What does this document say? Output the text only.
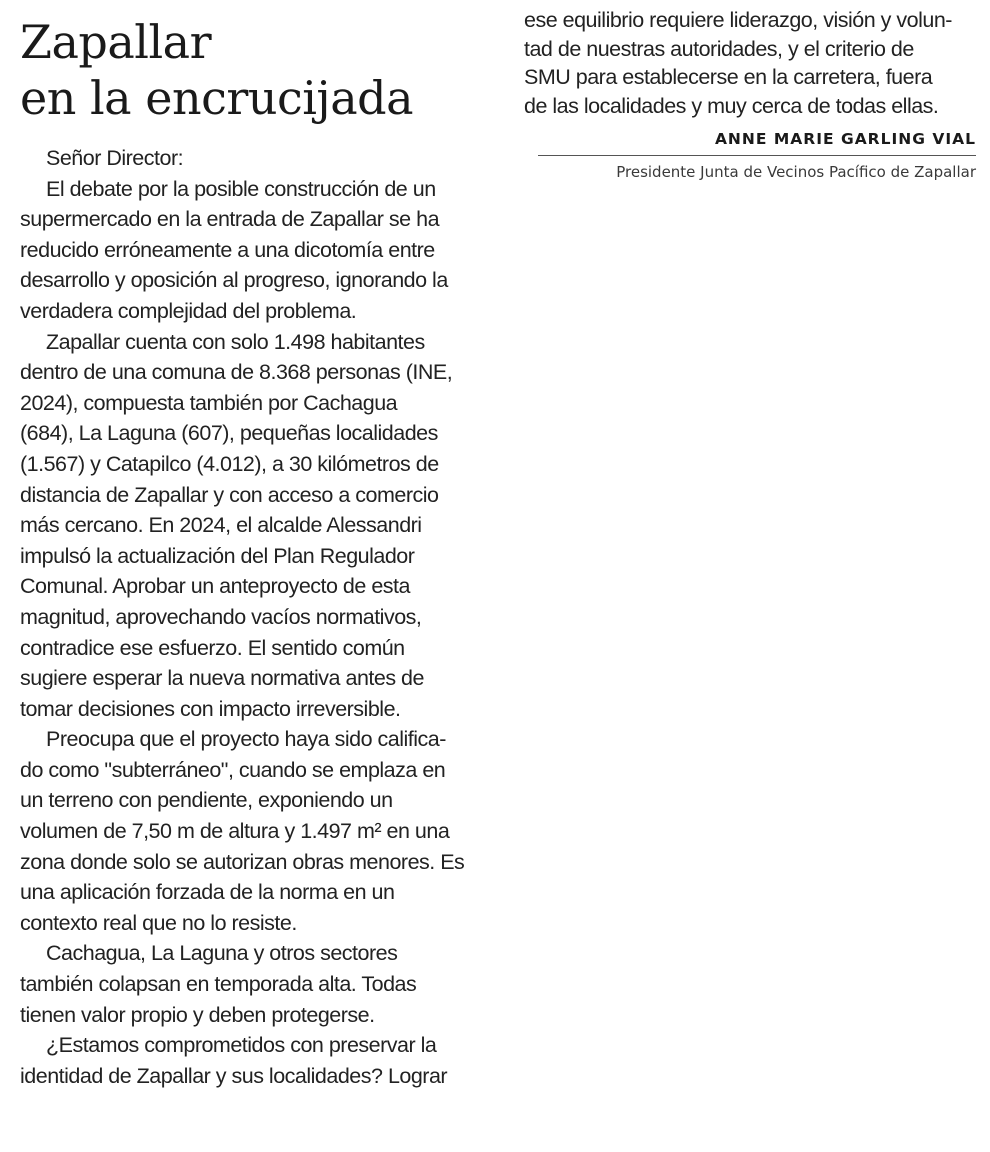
Zapallar
en la encrucijada
Señor Director:
El debate por la posible construcción de un
supermercado en la entrada de Zapallar se ha
reducido erróneamente a una dicotomía entre
desarrollo y oposición al progreso, ignorando la
verdadera complejidad del problema.
Zapallar cuenta con solo 1.498 habitantes
dentro de una comuna de 8.368 personas (INE,
2024), compuesta también por Cachagua
(684), La Laguna (607), pequeñas localidades
(1.567) y Catapilco (4.012), a 30 kilómetros de
distancia de Zapallar y con acceso a comercio
más cercano. En 2024, el alcalde Alessandri
impulsó la actualización del Plan Regulador
Comunal. Aprobar un anteproyecto de esta
magnitud, aprovechando vacíos normativos,
contradice ese esfuerzo. El sentido común
sugiere esperar la nueva normativa antes de
tomar decisiones con impacto irreversible.
Preocupa que el proyecto haya sido califica-
do como "subterráneo", cuando se emplaza en
un terreno con pendiente, exponiendo un
volumen de 7,50 m de altura y 1.497 m² en una
zona donde solo se autorizan obras menores. Es
una aplicación forzada de la norma en un
contexto real que no lo resiste.
Cachagua, La Laguna y otros sectores
también colapsan en temporada alta. Todas
tienen valor propio y deben protegerse.
¿Estamos comprometidos con preservar la
identidad de Zapallar y sus localidades? Lograr
ese equilibrio requiere liderazgo, visión y volun-
tad de nuestras autoridades, y el criterio de
SMU para establecerse en la carretera, fuera
de las localidades y muy cerca de todas ellas.
ANNE MARIE GARLING VIAL
Presidente Junta de Vecinos Pacífico de Zapallar
